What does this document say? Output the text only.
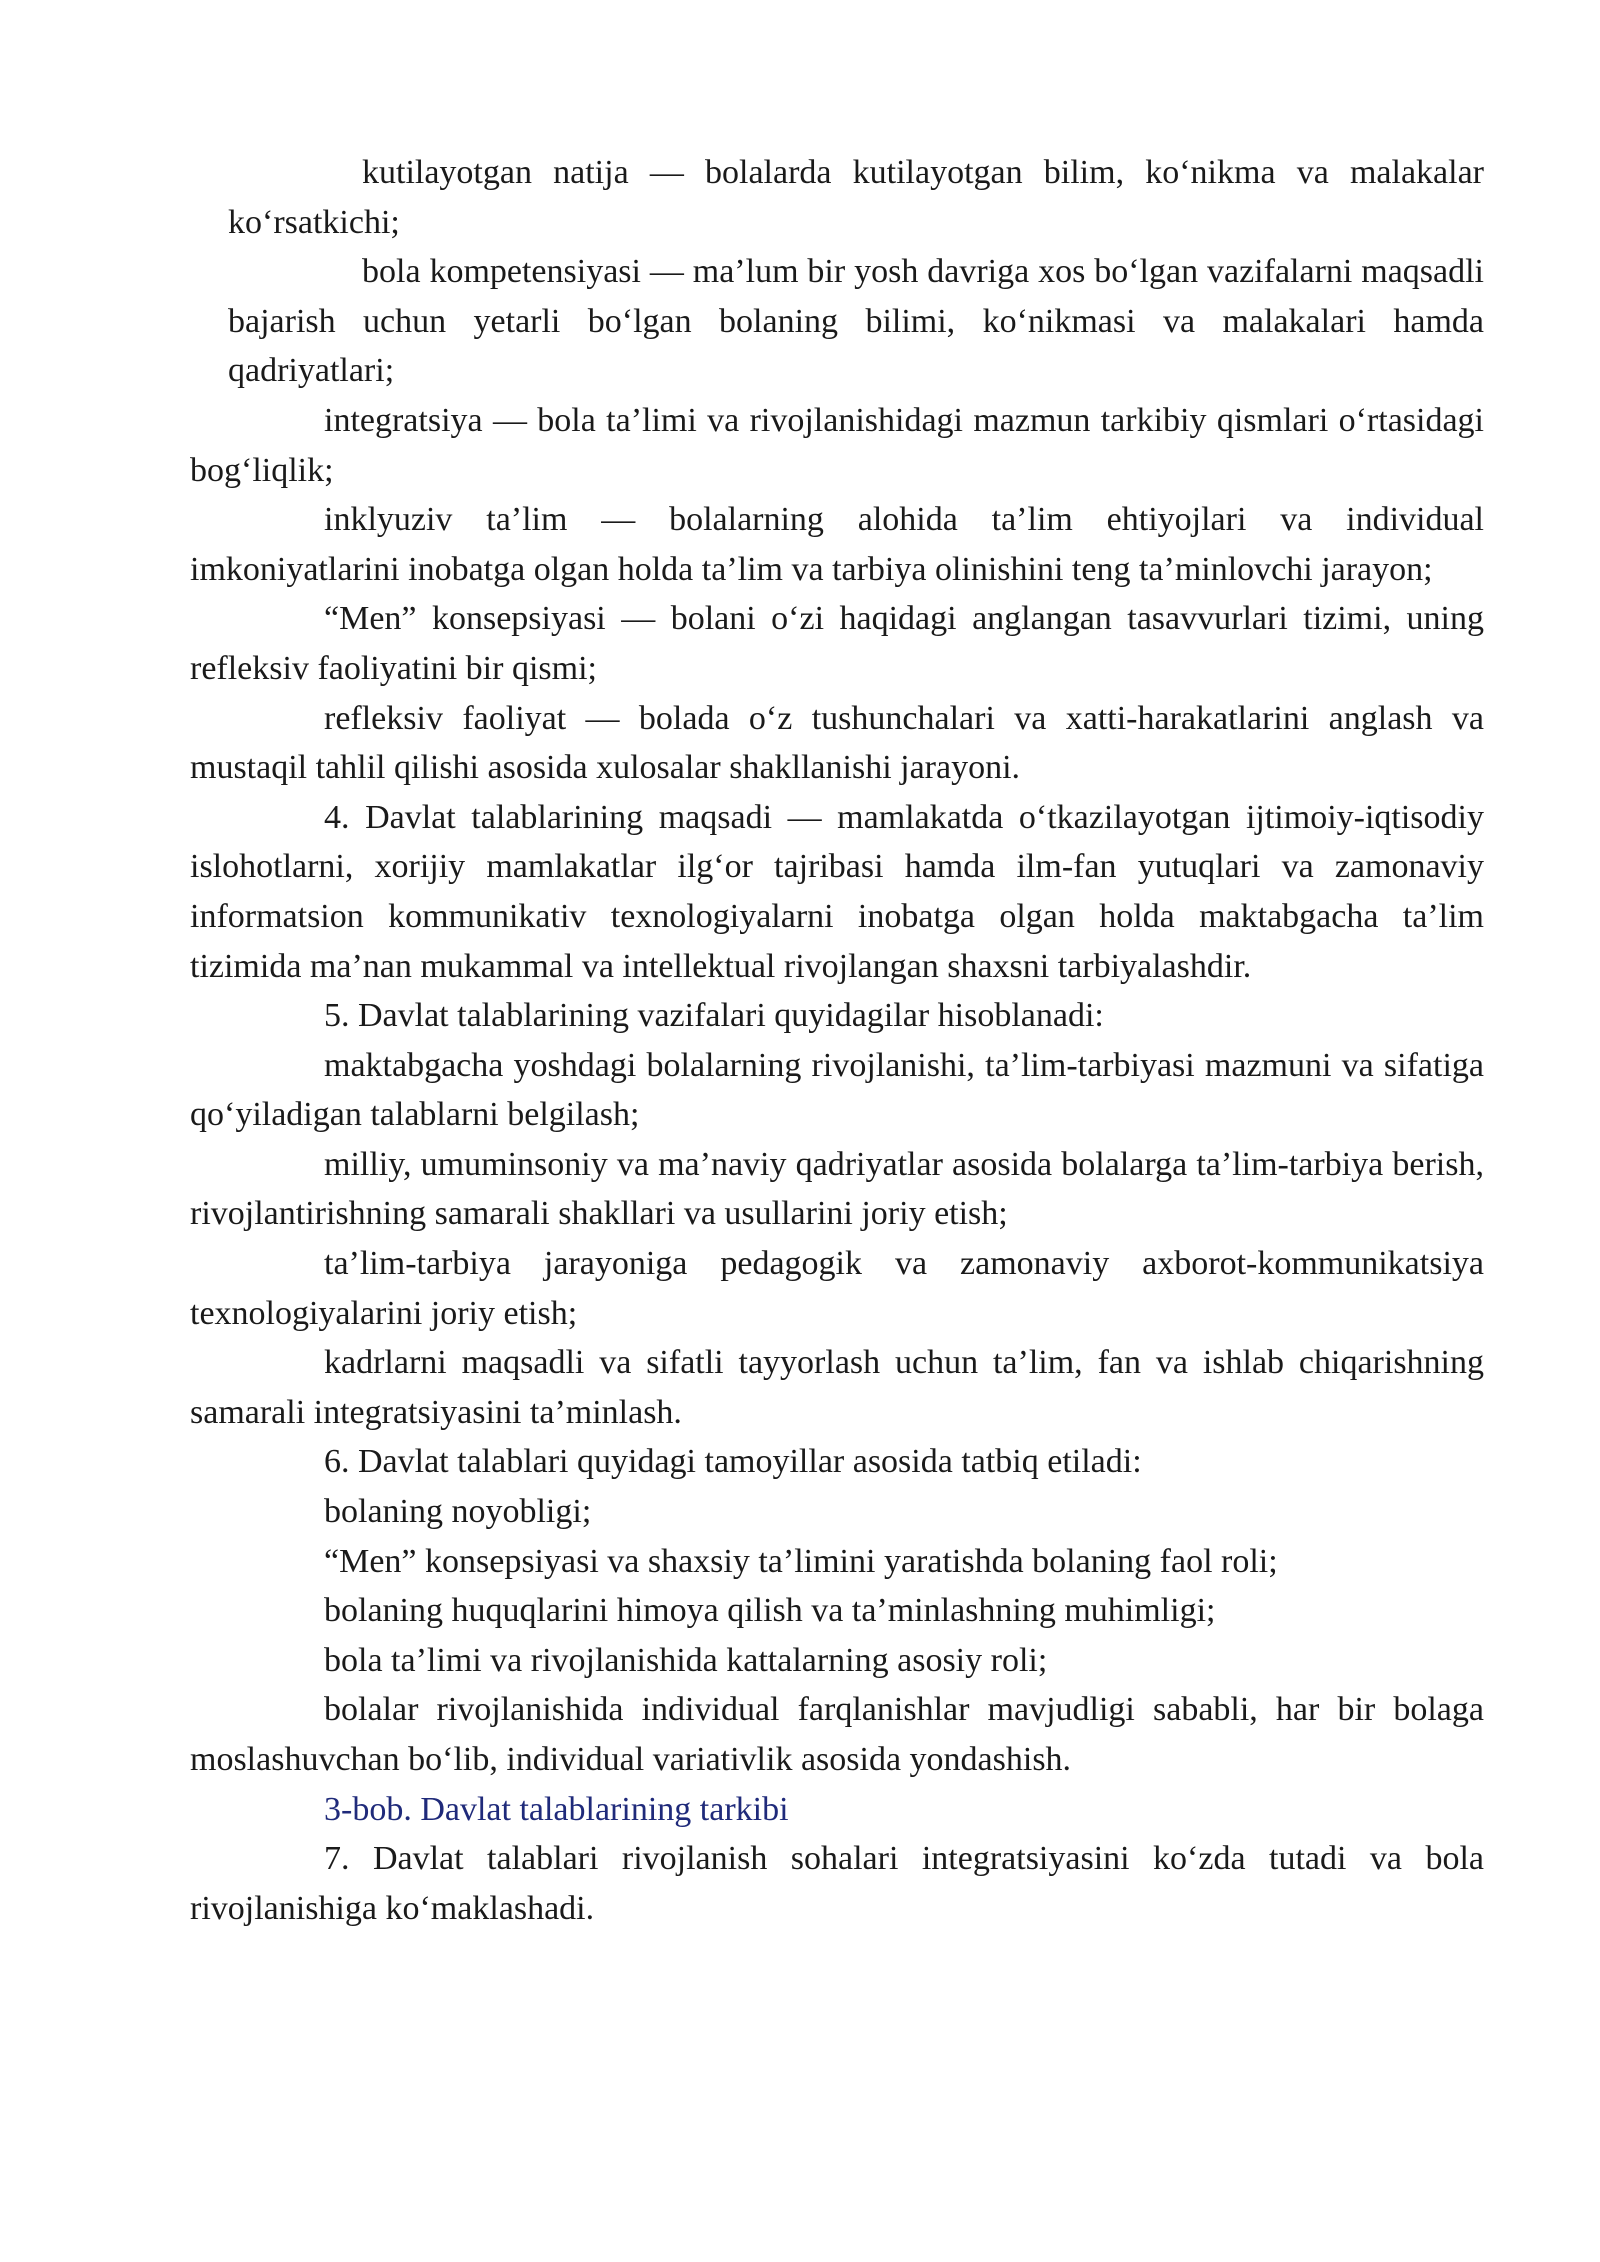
kutilayotgan natija — bolalarda kutilayotgan bilim, ko‘nikma va malakalar ko‘rsatkichi;

bola kompetensiyasi — ma’lum bir yosh davriga xos bo‘lgan vazifalarni maqsadli bajarish uchun yetarli bo‘lgan bolaning bilimi, ko‘nikmasi va malakalari hamda qadriyatlari;

integratsiya — bola ta’limi va rivojlanishidagi mazmun tarkibiy qismlari o‘rtasidagi bog‘liqlik;

inklyuziv ta’lim — bolalarning alohida ta’lim ehtiyojlari va individual imkoniyatlarini inobatga olgan holda ta’lim va tarbiya olinishini teng ta’minlovchi jarayon;

“Men” konsepsiyasi — bolani o‘zi haqidagi anglangan tasavvurlari tizimi, uning refleksiv faoliyatini bir qismi;

refleksiv faoliyat — bolada o‘z tushunchalari va xatti-harakatlarini anglash va mustaqil tahlil qilishi asosida xulosalar shakllanishi jarayoni.

4. Davlat talablarining maqsadi — mamlakatda o‘tkazilayotgan ijtimoiy-iqtisodiy islohotlarni, xorijiy mamlakatlar ilg‘or tajribasi hamda ilm-fan yutuqlari va zamonaviy informatsion kommunikativ texnologiyalarni inobatga olgan holda maktabgacha ta’lim tizimida ma’nan mukammal va intellektual rivojlangan shaxsni tarbiyalashdir.

5. Davlat talablarining vazifalari quyidagilar hisoblanadi:

maktabgacha yoshdagi bolalarning rivojlanishi, ta’lim-tarbiyasi mazmuni va sifatiga qo‘yiladigan talablarni belgilash;

milliy, umuminsoniy va ma’naviy qadriyatlar asosida bolalarga ta’lim-tarbiya berish, rivojlantirishning samarali shakllari va usullarini joriy etish;

ta’lim-tarbiya jarayoniga pedagogik va zamonaviy axborot-kommunikatsiya texnologiyalarini joriy etish;

kadrlarni maqsadli va sifatli tayyorlash uchun ta’lim, fan va ishlab chiqarishning samarali integratsiyasini ta’minlash.

6. Davlat talablari quyidagi tamoyillar asosida tatbiq etiladi:

bolaning noyobligi;

“Men” konsepsiyasi va shaxsiy ta’limini yaratishda bolaning faol roli;

bolaning huquqlarini himoya qilish va ta’minlashning muhimligi;

bola ta’limi va rivojlanishida kattalarning asosiy roli;

bolalar rivojlanishida individual farqlanishlar mavjudligi sababli, har bir bolaga moslashuvchan bo‘lib, individual variativlik asosida yondashish.

3-bob. Davlat talablarining tarkibi

7. Davlat talablari rivojlanish sohalari integratsiyasini ko‘zda tutadi va bola rivojlanishiga ko‘maklashadi.
